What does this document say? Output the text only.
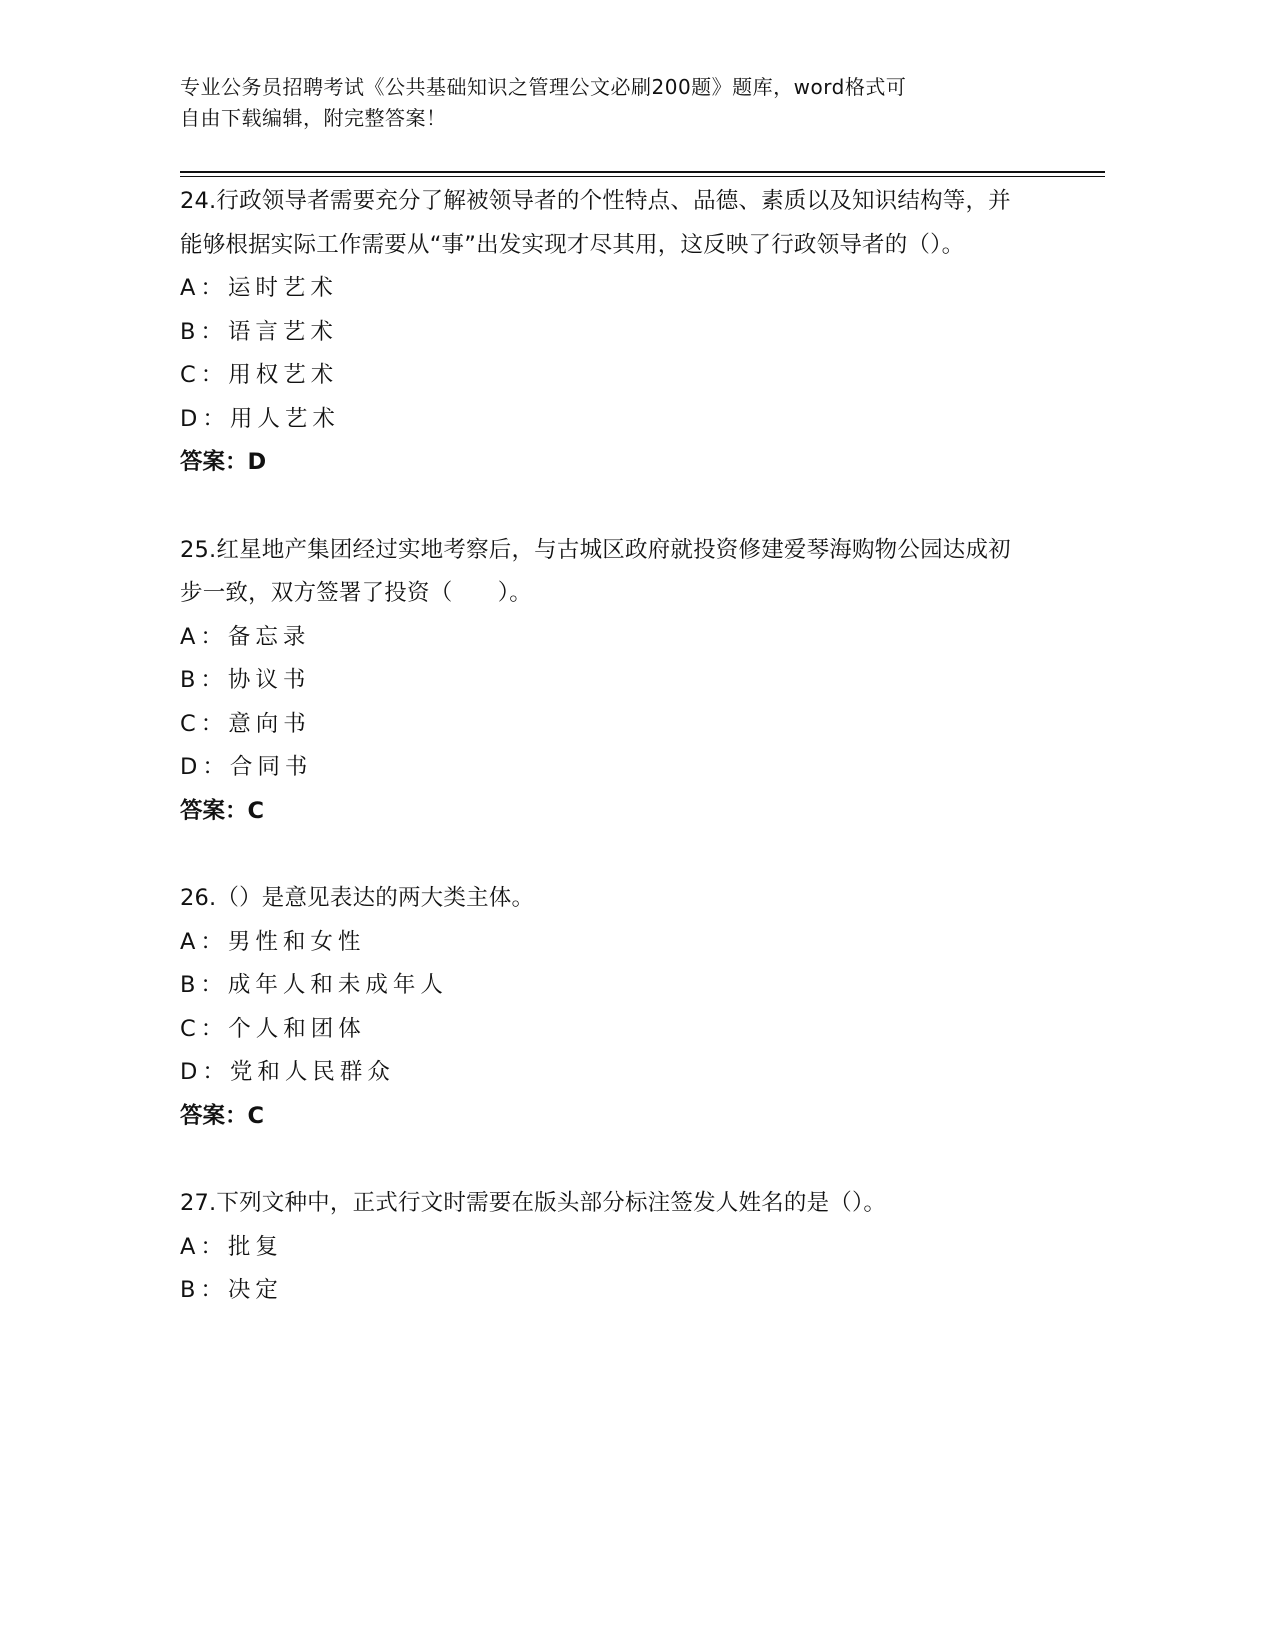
专业公务员招聘考试《公共基础知识之管理公文必刷200题》题库，word格式可
自由下载编辑，附完整答案！
24.行政领导者需要充分了解被领导者的个性特点、品德、素质以及知识结构等，并能够根据实际工作需要从“事”出发实现才尽其用，这反映了行政领导者的（）。
A：运时艺术
B：语言艺术
C：用权艺术
D：用人艺术
答案：D
25.红星地产集团经过实地考察后，与古城区政府就投资修建爱琴海购物公园达成初步一致，双方签署了投资（　　）。
A：备忘录
B：协议书
C：意向书
D：合同书
答案：C
26.（）是意见表达的两大类主体。
A：男性和女性
B：成年人和未成年人
C：个人和团体
D：党和人民群众
答案：C
27.下列文种中，正式行文时需要在版头部分标注签发人姓名的是（）。
A：批复
B：决定
